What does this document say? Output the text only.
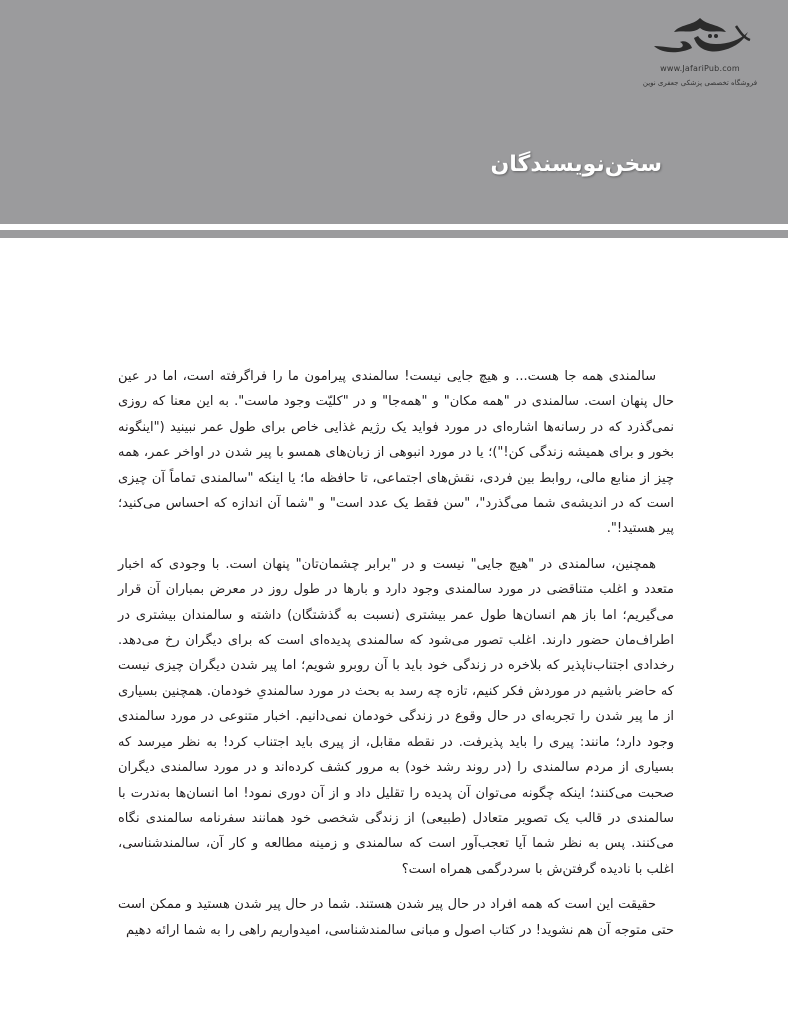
www.JafariPub.com
فروشگاه تخصصی پزشکی جعفری نوین
سخن‌نویسندگان

سالمندی همه جا هست... و هیچ جایی نیست! سالمندی پیرامون ما را فراگرفته است، اما در عین حال پنهان است. سالمندی در "همه مکان" و "همه‌جا" و در "کلیّت وجود ماست". به این معنا که روزی نمی‌گذرد که در رسانه‌ها اشاره‌ای در مورد فواید یک رژیم غذایی خاص برای طول عمر نبینید ("اینگونه بخور و برای همیشه زندگی کن!")؛ یا در مورد انبوهی از زبان‌های همسو با پیر شدن در اواخر عمر، همه چیز از منابع مالی، روابط بین فردی، نقش‌های اجتماعی، تا حافظه ما؛ یا اینکه "سالمندی تماماً آن چیزی است که در اندیشه‌ی شما می‌گذرد"، "سن فقط یک عدد است" و "شما آن اندازه که احساس می‌کنید؛ پیر هستید!".

همچنین، سالمندی در "هیچ جایی" نیست و در "برابر چشمان‌تان" پنهان است. با وجودی که اخبار متعدد و اغلب متناقضی در مورد سالمندی وجود دارد و بارها در طول روز در معرض بمباران آن قرار می‌گیریم؛ اما باز هم انسان‌ها طول عمر بیشتری (نسبت به گذشتگان) داشته و سالمندان بیشتری در اطراف‌مان حضور دارند. اغلب تصور می‌شود که سالمندی پدیده‌ای است که برای دیگران رخ می‌دهد. رخدادی اجتناب‌ناپذیر که بلاخره در زندگی خود باید با آن روبرو شویم؛ اما پیر شدن دیگران چیزی نیست که حاضر باشیم در موردش فکر کنیم، تازه چه رسد به بحث در مورد سالمندیِ خودمان. همچنین بسیاری از ما پیر شدن را تجربه‌ای در حال وقوع در زندگی خودمان نمی‌دانیم. اخبار متنوعی در مورد سالمندی وجود دارد؛ مانند: پیری را باید پذیرفت. در نقطه مقابل، از پیری باید اجتناب کرد! به نظر میرسد که بسیاری از مردم سالمندی را (در روند رشد خود) به مرور کشف کرده‌اند و در مورد سالمندی دیگران صحبت می‌کنند؛ اینکه چگونه می‌توان آن پدیده را تقلیل داد و از آن دوری نمود! اما انسان‌ها به‌ندرت با سالمندی در قالب یک تصویر متعادل (طبیعی) از زندگی شخصی خود همانند سفرنامه سالمندی نگاه می‌کنند. پس به نظر شما آیا تعجب‌آور است که سالمندی و زمینه مطالعه و کار آن، سالمندشناسی، اغلب با نادیده گرفتن‌ش با سردرگمی همراه است؟

حقیقت این است که همه افراد در حال پیر شدن هستند. شما در حال پیر شدن هستید و ممکن است حتی متوجه آن هم نشوید! در کتاب اصول و مبانی سالمندشناسی، امیدواریم راهی را به شما ارائه دهیم
